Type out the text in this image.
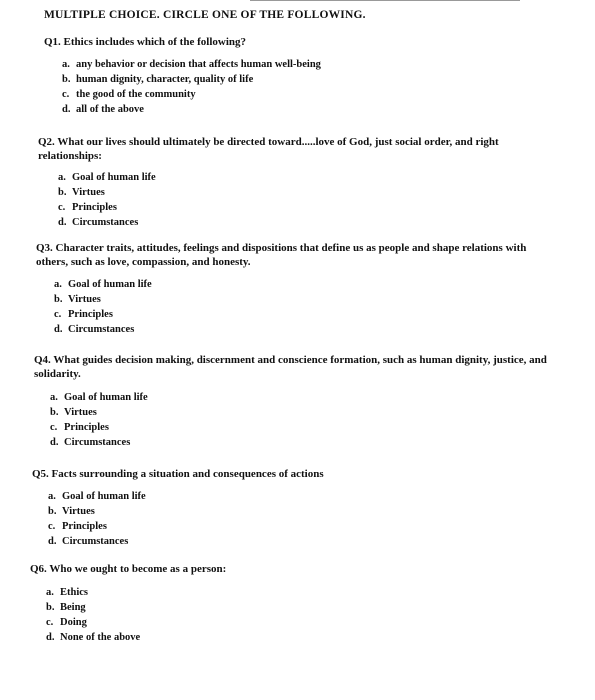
MULTIPLE CHOICE. CIRCLE ONE OF THE FOLLOWING.

Q1. Ethics includes which of the following?

a. any behavior or decision that affects human well-being
b. human dignity, character, quality of life
c. the good of the community
d. all of the above

Q2. What our lives should ultimately be directed toward.....love of God, just social order, and right relationships:

a. Goal of human life
b. Virtues
c. Principles
d. Circumstances

Q3. Character traits, attitudes, feelings and dispositions that define us as people and shape relations with others, such as love, compassion, and honesty.

a. Goal of human life
b. Virtues
c. Principles
d. Circumstances

Q4. What guides decision making, discernment and conscience formation, such as human dignity, justice, and solidarity.

a. Goal of human life
b. Virtues
c. Principles
d. Circumstances

Q5. Facts surrounding a situation and consequences of actions

a. Goal of human life
b. Virtues
c. Principles
d. Circumstances

Q6. Who we ought to become as a person:

a. Ethics
b. Being
c. Doing
d. None of the above
